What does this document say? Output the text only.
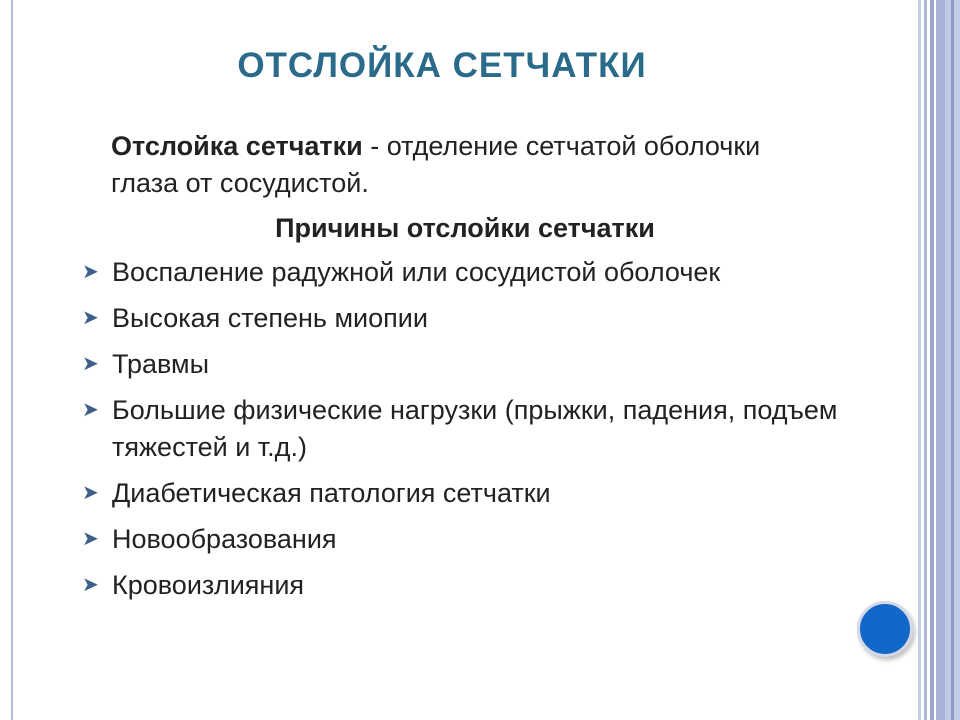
ОТСЛОЙКА СЕТЧАТКИ
Отслойка сетчатки - отделение сетчатой оболочки глаза от сосудистой.
Причины отслойки сетчатки
➤ Воспаление радужной или сосудистой оболочек
➤ Высокая степень миопии
➤ Травмы
➤ Большие физические нагрузки (прыжки, падения, подъем тяжестей и т.д.)
➤ Диабетическая патология сетчатки
➤ Новообразования
➤ Кровоизлияния
